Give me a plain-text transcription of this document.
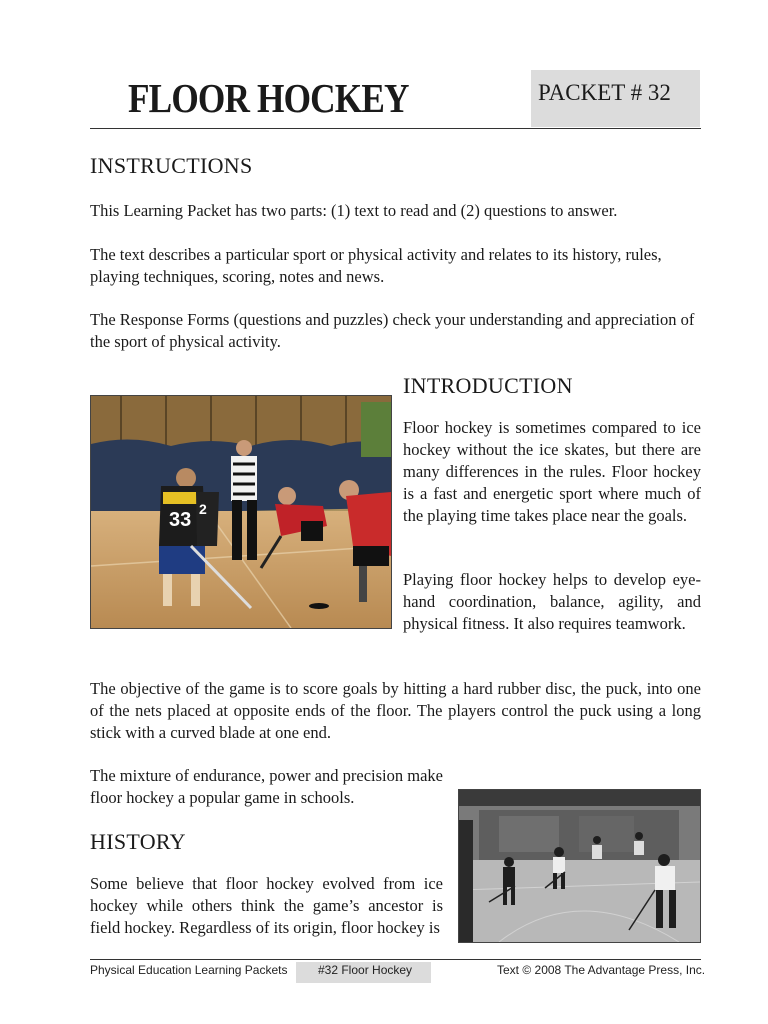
FLOOR HOCKEY	PACKET # 32
INSTRUCTIONS
This Learning Packet has two parts: (1) text to read and (2) questions to answer.
The text describes a particular sport or physical activity and relates to its history, rules, playing techniques, scoring, notes and news.
The Response Forms (questions and puzzles) check your understanding and appreciation of the sport of physical activity.
33 2
INTRODUCTION
Floor hockey is sometimes compared to ice hockey without the ice skates, but there are many differences in the rules. Floor hockey is a fast and energetic sport where much of the playing time takes place near the goals.
Playing floor hockey helps to develop eye-hand coordination, balance, agility, and physical fitness. It also requires teamwork.
The objective of the game is to score goals by hitting a hard rubber disc, the puck, into one of the nets placed at opposite ends of the floor. The players control the puck using a long stick with a curved blade at one end.
The mixture of endurance, power and precision make floor hockey a popular game in schools.
HISTORY
Some believe that floor hockey evolved from ice hockey while others think the game’s ancestor is field hockey. Regardless of its origin, floor hockey is
Physical Education Learning Packets	#32 Floor Hockey	Text © 2008 The Advantage Press, Inc.
